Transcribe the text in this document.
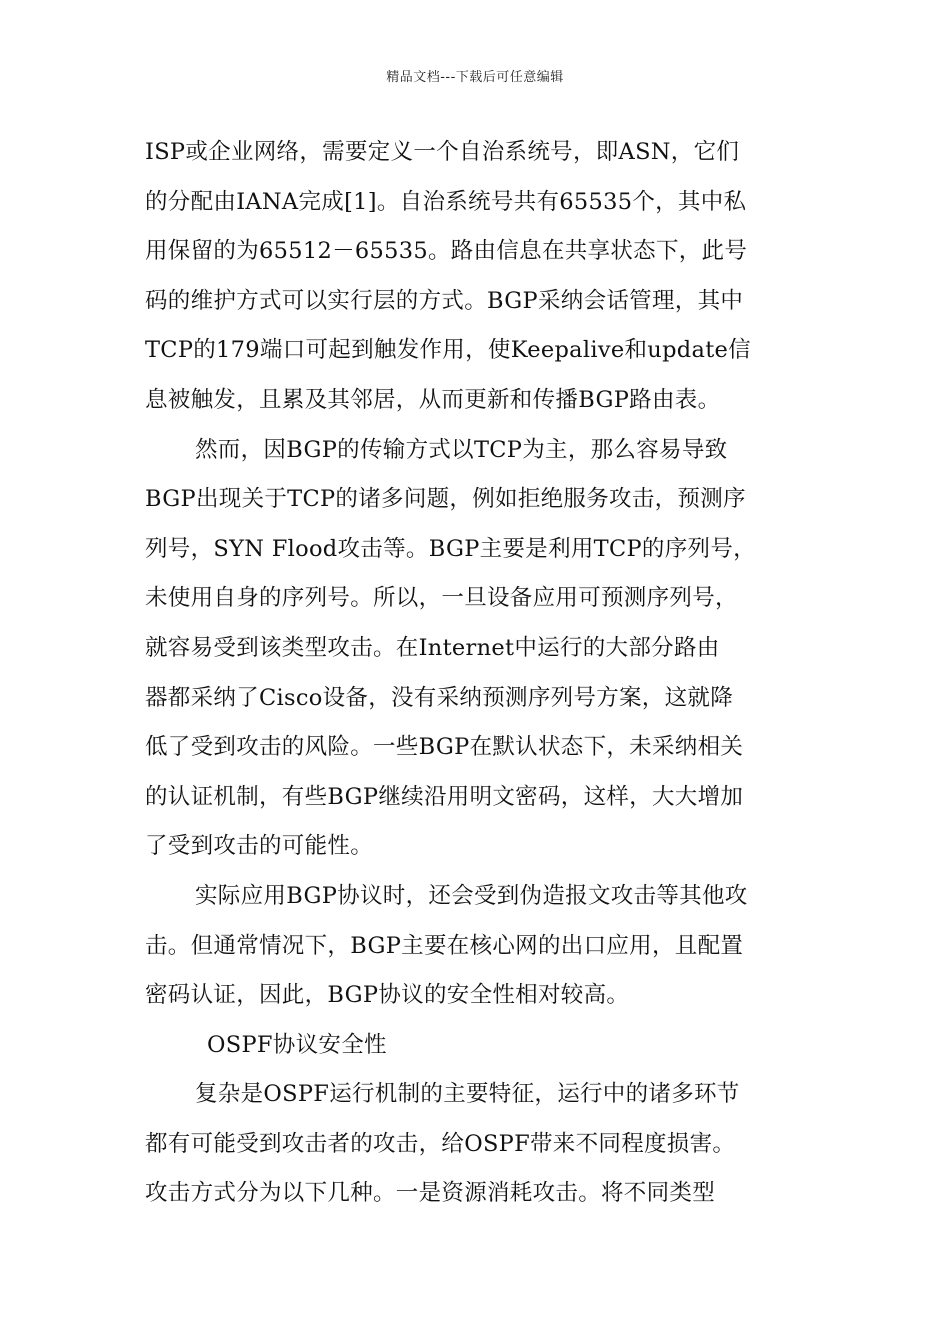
精品文档---下载后可任意编辑
ISP或企业网络，需要定义一个自治系统号，即ASN，它们
的分配由IANA完成[1]。自治系统号共有65535个，其中私
用保留的为65512－65535。路由信息在共享状态下，此号
码的维护方式可以实行层的方式。BGP采纳会话管理，其中
TCP的179端口可起到触发作用，使Keepalive和update信
息被触发，且累及其邻居，从而更新和传播BGP路由表。
然而，因BGP的传输方式以TCP为主，那么容易导致
BGP出现关于TCP的诸多问题，例如拒绝服务攻击，预测序
列号，SYN Flood攻击等。BGP主要是利用TCP的序列号，
未使用自身的序列号。所以，一旦设备应用可预测序列号，
就容易受到该类型攻击。在Internet中运行的大部分路由
器都采纳了Cisco设备，没有采纳预测序列号方案，这就降
低了受到攻击的风险。一些BGP在默认状态下，未采纳相关
的认证机制，有些BGP继续沿用明文密码，这样，大大增加
了受到攻击的可能性。
实际应用BGP协议时，还会受到伪造报文攻击等其他攻
击。但通常情况下，BGP主要在核心网的出口应用，且配置
密码认证，因此，BGP协议的安全性相对较高。
OSPF协议安全性
复杂是OSPF运行机制的主要特征，运行中的诸多环节
都有可能受到攻击者的攻击，给OSPF带来不同程度损害。
攻击方式分为以下几种。一是资源消耗攻击。将不同类型
